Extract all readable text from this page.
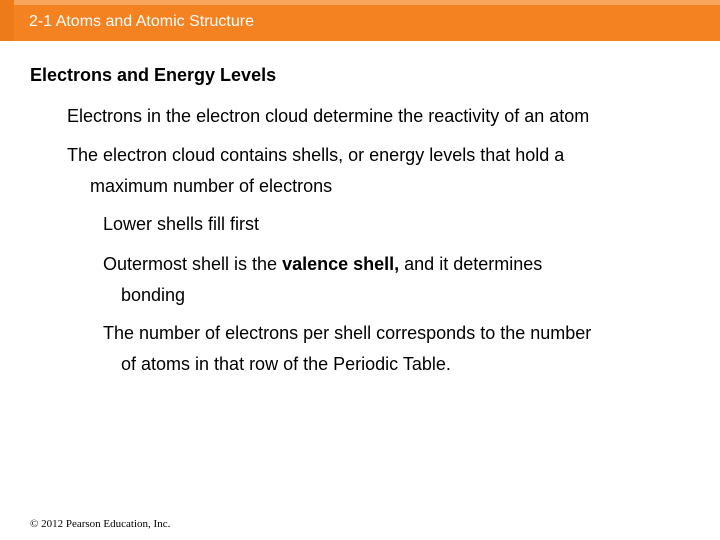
2-1 Atoms and Atomic Structure
Electrons and Energy Levels
Electrons in the electron cloud determine the reactivity of an atom
The electron cloud contains shells, or energy levels that hold a
maximum number of electrons
Lower shells fill first
Outermost shell is the valence shell, and it determines
bonding
The number of electrons per shell corresponds to the number
of atoms in that row of the Periodic Table.
© 2012 Pearson Education, Inc.
